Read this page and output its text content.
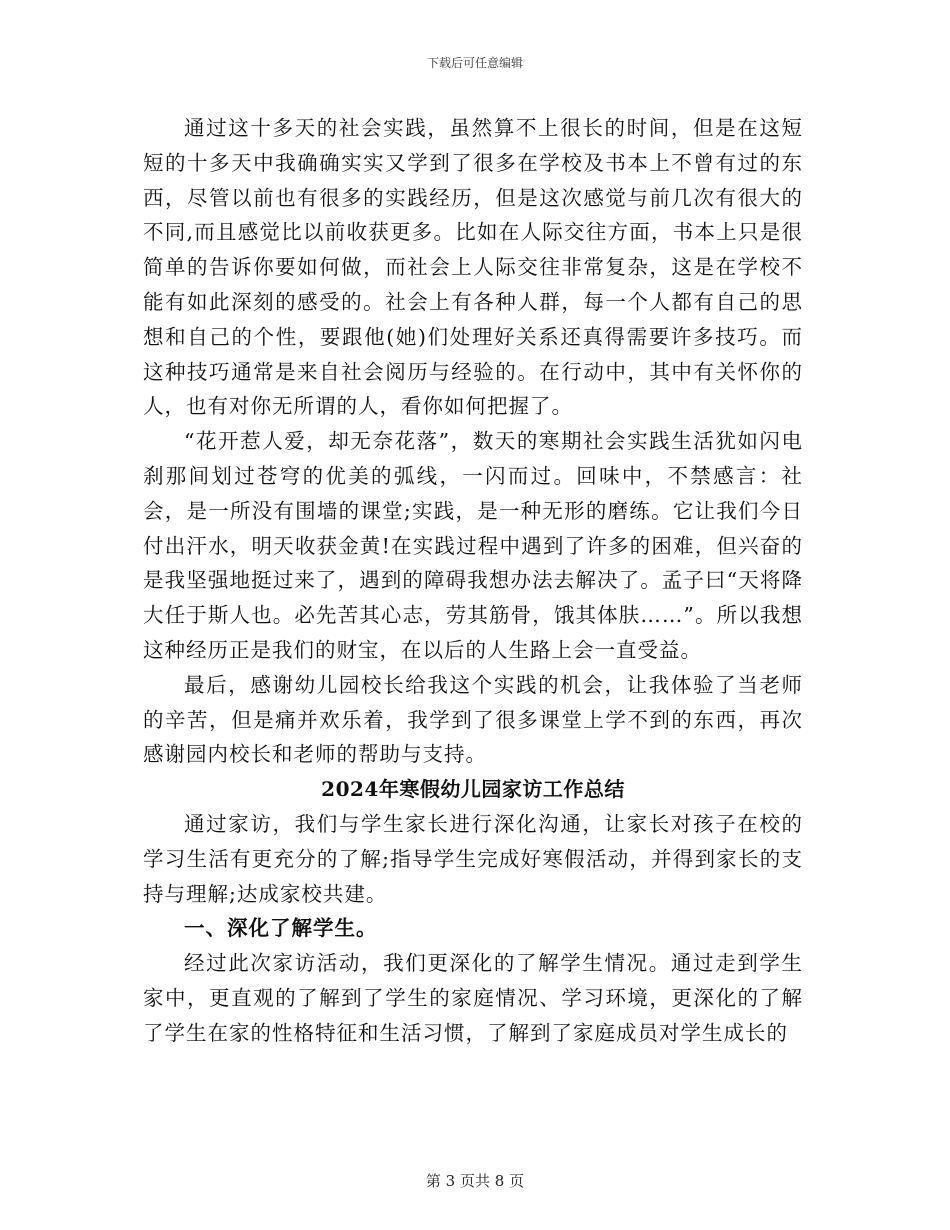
下载后可任意编辑

通过这十多天的社会实践，虽然算不上很长的时间，但是在这短短的十多天中我确确实实又学到了很多在学校及书本上不曾有过的东西，尽管以前也有很多的实践经历，但是这次感觉与前几次有很大的不同,而且感觉比以前收获更多。比如在人际交往方面，书本上只是很简单的告诉你要如何做，而社会上人际交往非常复杂，这是在学校不能有如此深刻的感受的。社会上有各种人群，每一个人都有自己的思想和自己的个性，要跟他(她)们处理好关系还真得需要许多技巧。而这种技巧通常是来自社会阅历与经验的。在行动中，其中有关怀你的人，也有对你无所谓的人，看你如何把握了。

“花开惹人爱，却无奈花落”，数天的寒期社会实践生活犹如闪电刹那间划过苍穹的优美的弧线，一闪而过。回味中，不禁感言：社会，是一所没有围墙的课堂;实践，是一种无形的磨练。它让我们今日付出汗水，明天收获金黄!在实践过程中遇到了许多的困难，但兴奋的是我坚强地挺过来了，遇到的障碍我想办法去解决了。孟子曰“天将降大任于斯人也。必先苦其心志，劳其筋骨，饿其体肤……”。所以我想这种经历正是我们的财宝，在以后的人生路上会一直受益。

最后，感谢幼儿园校长给我这个实践的机会，让我体验了当老师的辛苦，但是痛并欢乐着，我学到了很多课堂上学不到的东西，再次感谢园内校长和老师的帮助与支持。

2024年寒假幼儿园家访工作总结

通过家访，我们与学生家长进行深化沟通，让家长对孩子在校的学习生活有更充分的了解;指导学生完成好寒假活动，并得到家长的支持与理解;达成家校共建。

一、深化了解学生。

经过此次家访活动，我们更深化的了解学生情况。通过走到学生家中，更直观的了解到了学生的家庭情况、学习环境，更深化的了解了学生在家的性格特征和生活习惯，了解到了家庭成员对学生成长的

第 3 页共 8 页
